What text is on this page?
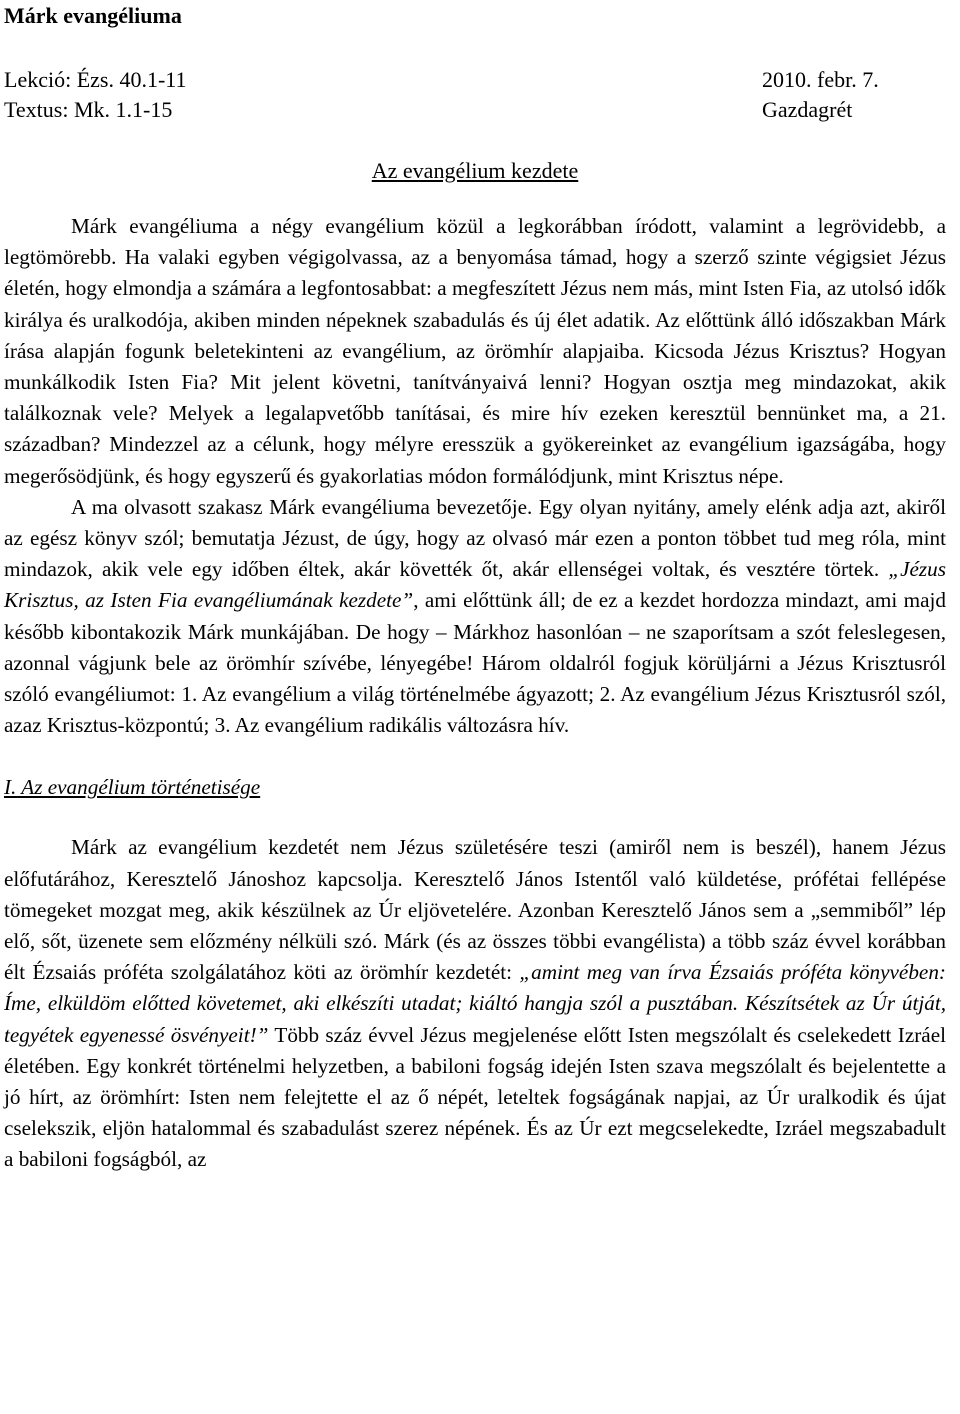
Márk evangéliuma
Lekció: Ézs. 40.1-11	2010. febr. 7.
Textus: Mk. 1.1-15	Gazdagrét
Az evangélium kezdete

Márk evangéliuma a négy evangélium közül a legkorábban íródott, valamint a legrövidebb, a legtömörebb. Ha valaki egyben végigolvassa, az a benyomása támad, hogy a szerző szinte végigsiet Jézus életén, hogy elmondja a számára a legfontosabbat: a megfeszített Jézus nem más, mint Isten Fia, az utolsó idők királya és uralkodója, akiben minden népeknek szabadulás és új élet adatik. Az előttünk álló időszakban Márk írása alapján fogunk beletekinteni az evangélium, az örömhír alapjaiba. Kicsoda Jézus Krisztus? Hogyan munkálkodik Isten Fia? Mit jelent követni, tanítványaivá lenni? Hogyan osztja meg mindazokat, akik találkoznak vele? Melyek a legalapvetőbb tanításai, és mire hív ezeken keresztül bennünket ma, a 21. században? Mindezzel az a célunk, hogy mélyre eresszük a gyökereinket az evangélium igazságába, hogy megerősödjünk, és hogy egyszerű és gyakorlatias módon formálódjunk, mint Krisztus népe.

A ma olvasott szakasz Márk evangéliuma bevezetője. Egy olyan nyitány, amely elénk adja azt, akiről az egész könyv szól; bemutatja Jézust, de úgy, hogy az olvasó már ezen a ponton többet tud meg róla, mint mindazok, akik vele egy időben éltek, akár követték őt, akár ellenségei voltak, és vesztére törtek. „Jézus Krisztus, az Isten Fia evangéliumának kezdete”, ami előttünk áll; de ez a kezdet hordozza mindazt, ami majd később kibontakozik Márk munkájában. De hogy – Márkhoz hasonlóan – ne szaporítsam a szót feleslegesen, azonnal vágjunk bele az örömhír szívébe, lényegébe! Három oldalról fogjuk körüljárni a Jézus Krisztusról szóló evangéliumot: 1. Az evangélium a világ történelmébe ágyazott; 2. Az evangélium Jézus Krisztusról szól, azaz Krisztus-központú; 3. Az evangélium radikális változásra hív.

I. Az evangélium történetisége

Márk az evangélium kezdetét nem Jézus születésére teszi (amiről nem is beszél), hanem Jézus előfutárához, Keresztelő Jánoshoz kapcsolja. Keresztelő János Istentől való küldetése, prófétai fellépése tömegeket mozgat meg, akik készülnek az Úr eljövetelére. Azonban Keresztelő János sem a „semmiből” lép elő, sőt, üzenete sem előzmény nélküli szó. Márk (és az összes többi evangélista) a több száz évvel korábban élt Ézsaiás próféta szolgálatához köti az örömhír kezdetét: „amint meg van írva Ézsaiás próféta könyvében: Íme, elküldöm előtted követemet, aki elkészíti utadat; kiáltó hangja szól a pusztában. Készítsétek az Úr útját, tegyétek egyenessé ösvényeit!” Több száz évvel Jézus megjelenése előtt Isten megszólalt és cselekedett Izráel életében. Egy konkrét történelmi helyzetben, a babiloni fogság idején Isten szava megszólalt és bejelentette a jó hírt, az örömhírt: Isten nem felejtette el az ő népét, leteltek fogságának napjai, az Úr uralkodik és újat cselekszik, eljön hatalommal és szabadulást szerez népének. És az Úr ezt megcselekedte, Izráel megszabadult a babiloni fogságból, az
